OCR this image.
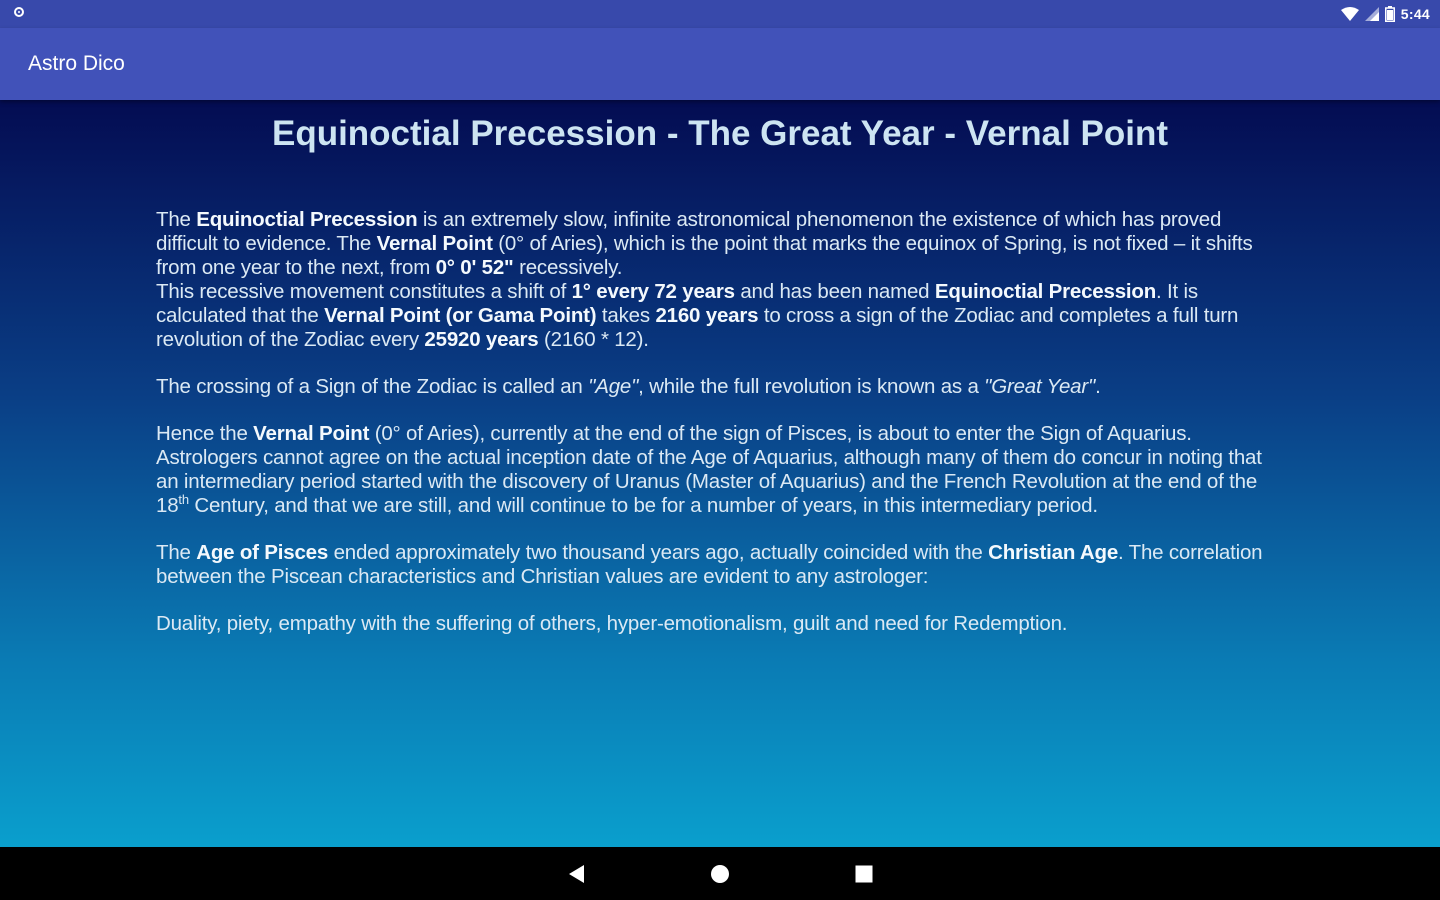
5:44
Astro Dico
Equinoctial Precession - The Great Year - Vernal Point

The Equinoctial Precession is an extremely slow, infinite astronomical phenomenon the existence of which has proved difficult to evidence. The Vernal Point (0° of Aries), which is the point that marks the equinox of Spring, is not fixed – it shifts from one year to the next, from 0° 0' 52" recessively.
This recessive movement constitutes a shift of 1° every 72 years and has been named Equinoctial Precession. It is calculated that the Vernal Point (or Gama Point) takes 2160 years to cross a sign of the Zodiac and completes a full turn revolution of the Zodiac every 25920 years (2160 * 12).

The crossing of a Sign of the Zodiac is called an "Age", while the full revolution is known as a "Great Year".

Hence the Vernal Point (0° of Aries), currently at the end of the sign of Pisces, is about to enter the Sign of Aquarius. Astrologers cannot agree on the actual inception date of the Age of Aquarius, although many of them do concur in noting that an intermediary period started with the discovery of Uranus (Master of Aquarius) and the French Revolution at the end of the 18th Century, and that we are still, and will continue to be for a number of years, in this intermediary period.

The Age of Pisces ended approximately two thousand years ago, actually coincided with the Christian Age. The correlation between the Piscean characteristics and Christian values are evident to any astrologer:

Duality, piety, empathy with the suffering of others, hyper-emotionalism, guilt and need for Redemption.
